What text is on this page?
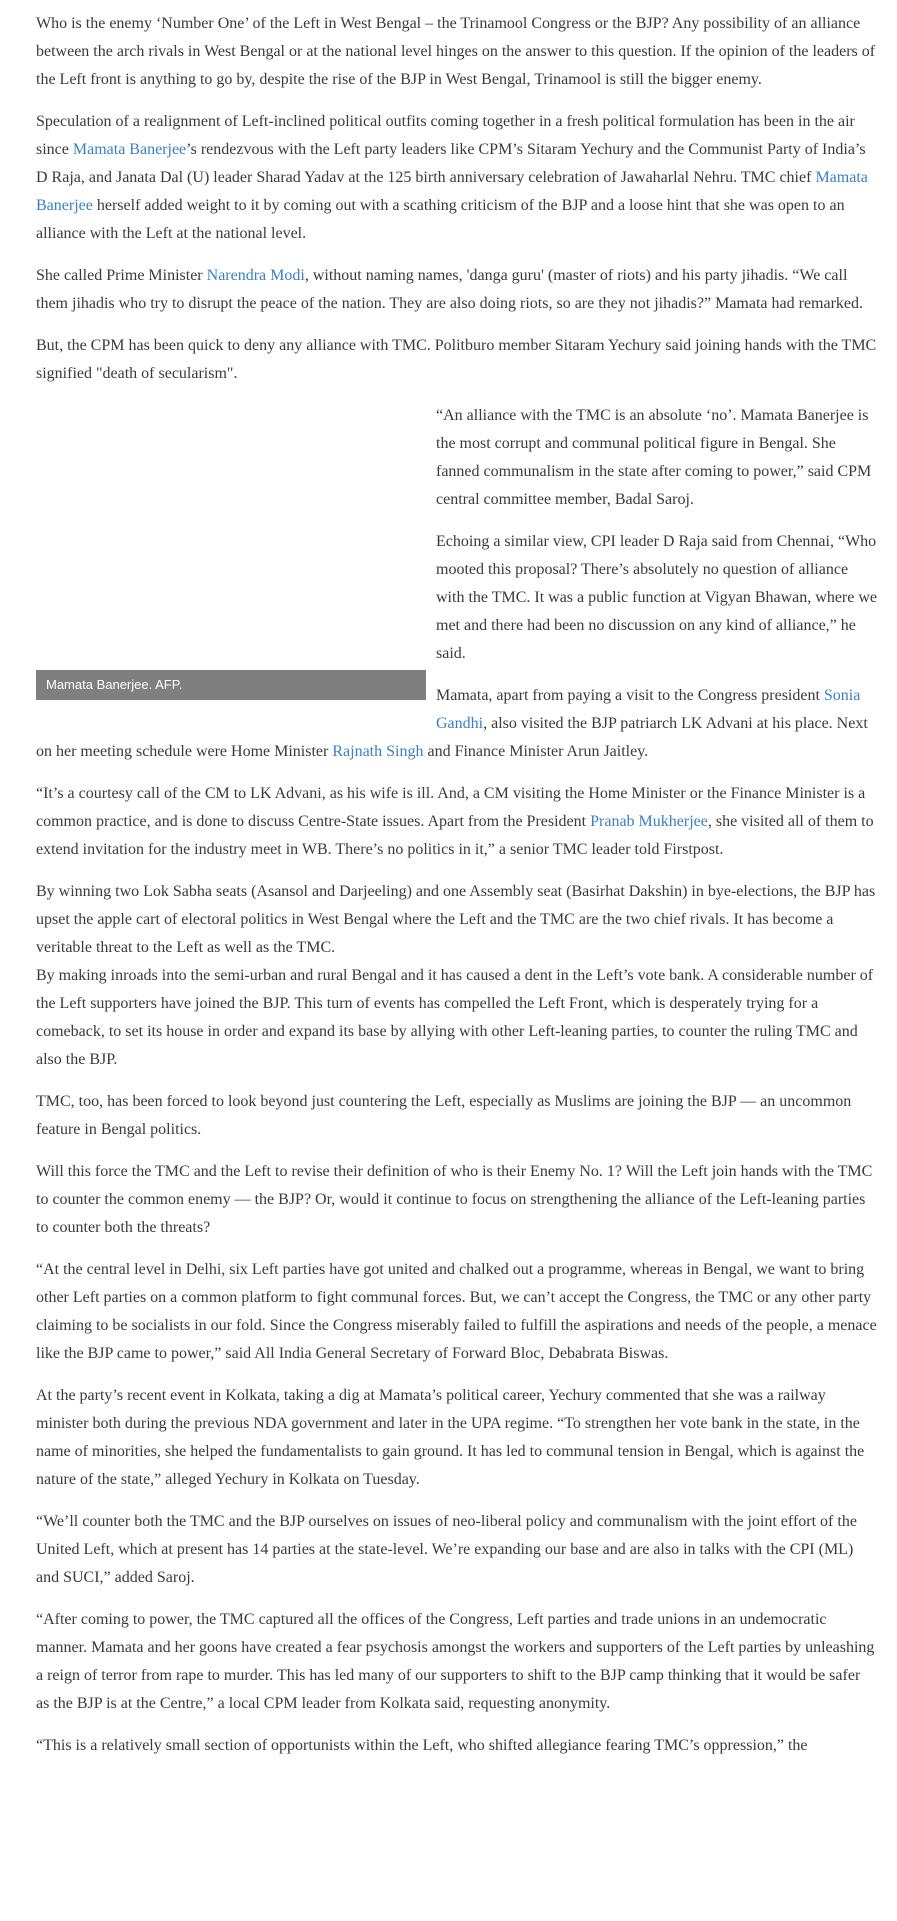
Who is the enemy ‘Number One’ of the Left in West Bengal – the Trinamool Congress or the BJP? Any possibility of an alliance between the arch rivals in West Bengal or at the national level hinges on the answer to this question. If the opinion of the leaders of the Left front is anything to go by, despite the rise of the BJP in West Bengal, Trinamool is still the bigger enemy.

Speculation of a realignment of Left-inclined political outfits coming together in a fresh political formulation has been in the air since Mamata Banerjee’s rendezvous with the Left party leaders like CPM’s Sitaram Yechury and the Communist Party of India’s D Raja, and Janata Dal (U) leader Sharad Yadav at the 125 birth anniversary celebration of Jawaharlal Nehru. TMC chief Mamata Banerjee herself added weight to it by coming out with a scathing criticism of the BJP and a loose hint that she was open to an alliance with the Left at the national level.

She called Prime Minister Narendra Modi, without naming names, 'danga guru' (master of riots) and his party jihadis. “We call them jihadis who try to disrupt the peace of the nation. They are also doing riots, so are they not jihadis?” Mamata had remarked.

But, the CPM has been quick to deny any alliance with TMC. Politburo member Sitaram Yechury said joining hands with the TMC signified "death of secularism".

Mamata Banerjee. AFP.

“An alliance with the TMC is an absolute ‘no’. Mamata Banerjee is the most corrupt and communal political figure in Bengal. She fanned communalism in the state after coming to power,” said CPM central committee member, Badal Saroj.

Echoing a similar view, CPI leader D Raja said from Chennai, “Who mooted this proposal? There’s absolutely no question of alliance with the TMC. It was a public function at Vigyan Bhawan, where we met and there had been no discussion on any kind of alliance,” he said.

Mamata, apart from paying a visit to the Congress president Sonia Gandhi, also visited the BJP patriarch LK Advani at his place. Next on her meeting schedule were Home Minister Rajnath Singh and Finance Minister Arun Jaitley.

“It’s a courtesy call of the CM to LK Advani, as his wife is ill. And, a CM visiting the Home Minister or the Finance Minister is a common practice, and is done to discuss Centre-State issues. Apart from the President Pranab Mukherjee, she visited all of them to extend invitation for the industry meet in WB. There’s no politics in it,” a senior TMC leader told Firstpost.

By winning two Lok Sabha seats (Asansol and Darjeeling) and one Assembly seat (Basirhat Dakshin) in bye-elections, the BJP has upset the apple cart of electoral politics in West Bengal where the Left and the TMC are the two chief rivals. It has become a veritable threat to the Left as well as the TMC.

By making inroads into the semi-urban and rural Bengal and it has caused a dent in the Left’s vote bank. A considerable number of the Left supporters have joined the BJP. This turn of events has compelled the Left Front, which is desperately trying for a comeback, to set its house in order and expand its base by allying with other Left-leaning parties, to counter the ruling TMC and also the BJP.

TMC, too, has been forced to look beyond just countering the Left, especially as Muslims are joining the BJP — an uncommon feature in Bengal politics.

Will this force the TMC and the Left to revise their definition of who is their Enemy No. 1? Will the Left join hands with the TMC to counter the common enemy — the BJP? Or, would it continue to focus on strengthening the alliance of the Left-leaning parties to counter both the threats?

“At the central level in Delhi, six Left parties have got united and chalked out a programme, whereas in Bengal, we want to bring other Left parties on a common platform to fight communal forces. But, we can’t accept the Congress, the TMC or any other party claiming to be socialists in our fold. Since the Congress miserably failed to fulfill the aspirations and needs of the people, a menace like the BJP came to power,” said All India General Secretary of Forward Bloc, Debabrata Biswas.

At the party’s recent event in Kolkata, taking a dig at Mamata’s political career, Yechury commented that she was a railway minister both during the previous NDA government and later in the UPA regime. “To strengthen her vote bank in the state, in the name of minorities, she helped the fundamentalists to gain ground. It has led to communal tension in Bengal, which is against the nature of the state,” alleged Yechury in Kolkata on Tuesday.

“We’ll counter both the TMC and the BJP ourselves on issues of neo-liberal policy and communalism with the joint effort of the United Left, which at present has 14 parties at the state-level. We’re expanding our base and are also in talks with the CPI (ML) and SUCI,” added Saroj.

“After coming to power, the TMC captured all the offices of the Congress, Left parties and trade unions in an undemocratic manner. Mamata and her goons have created a fear psychosis amongst the workers and supporters of the Left parties by unleashing a reign of terror from rape to murder. This has led many of our supporters to shift to the BJP camp thinking that it would be safer as the BJP is at the Centre,” a local CPM leader from Kolkata said, requesting anonymity.

“This is a relatively small section of opportunists within the Left, who shifted allegiance fearing TMC’s oppression,” the
